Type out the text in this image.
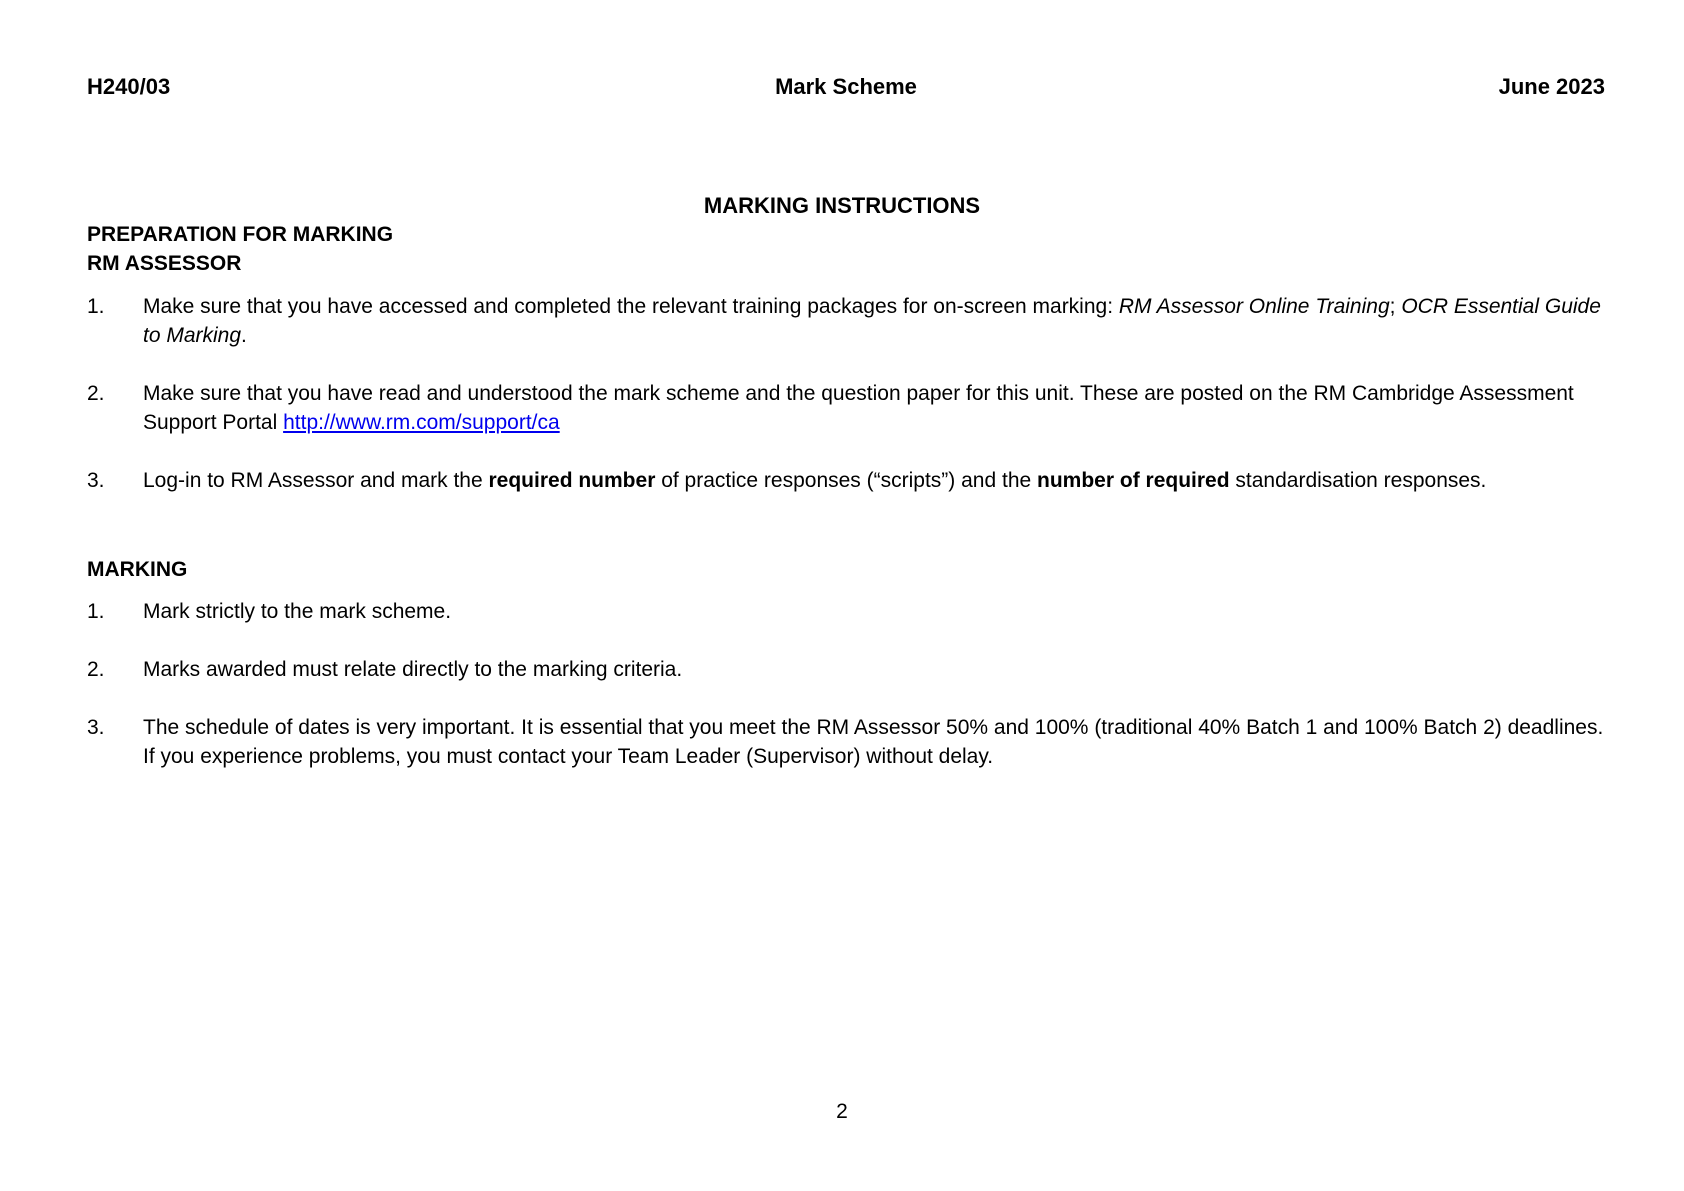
H240/03	Mark Scheme	June 2023
MARKING INSTRUCTIONS
PREPARATION FOR MARKING
RM ASSESSOR
1. Make sure that you have accessed and completed the relevant training packages for on-screen marking: RM Assessor Online Training; OCR Essential Guide to Marking.
2. Make sure that you have read and understood the mark scheme and the question paper for this unit. These are posted on the RM Cambridge Assessment Support Portal http://www.rm.com/support/ca
3. Log-in to RM Assessor and mark the required number of practice responses (“scripts”) and the number of required standardisation responses.
MARKING
1. Mark strictly to the mark scheme.
2. Marks awarded must relate directly to the marking criteria.
3. The schedule of dates is very important. It is essential that you meet the RM Assessor 50% and 100% (traditional 40% Batch 1 and 100% Batch 2) deadlines. If you experience problems, you must contact your Team Leader (Supervisor) without delay.
2
